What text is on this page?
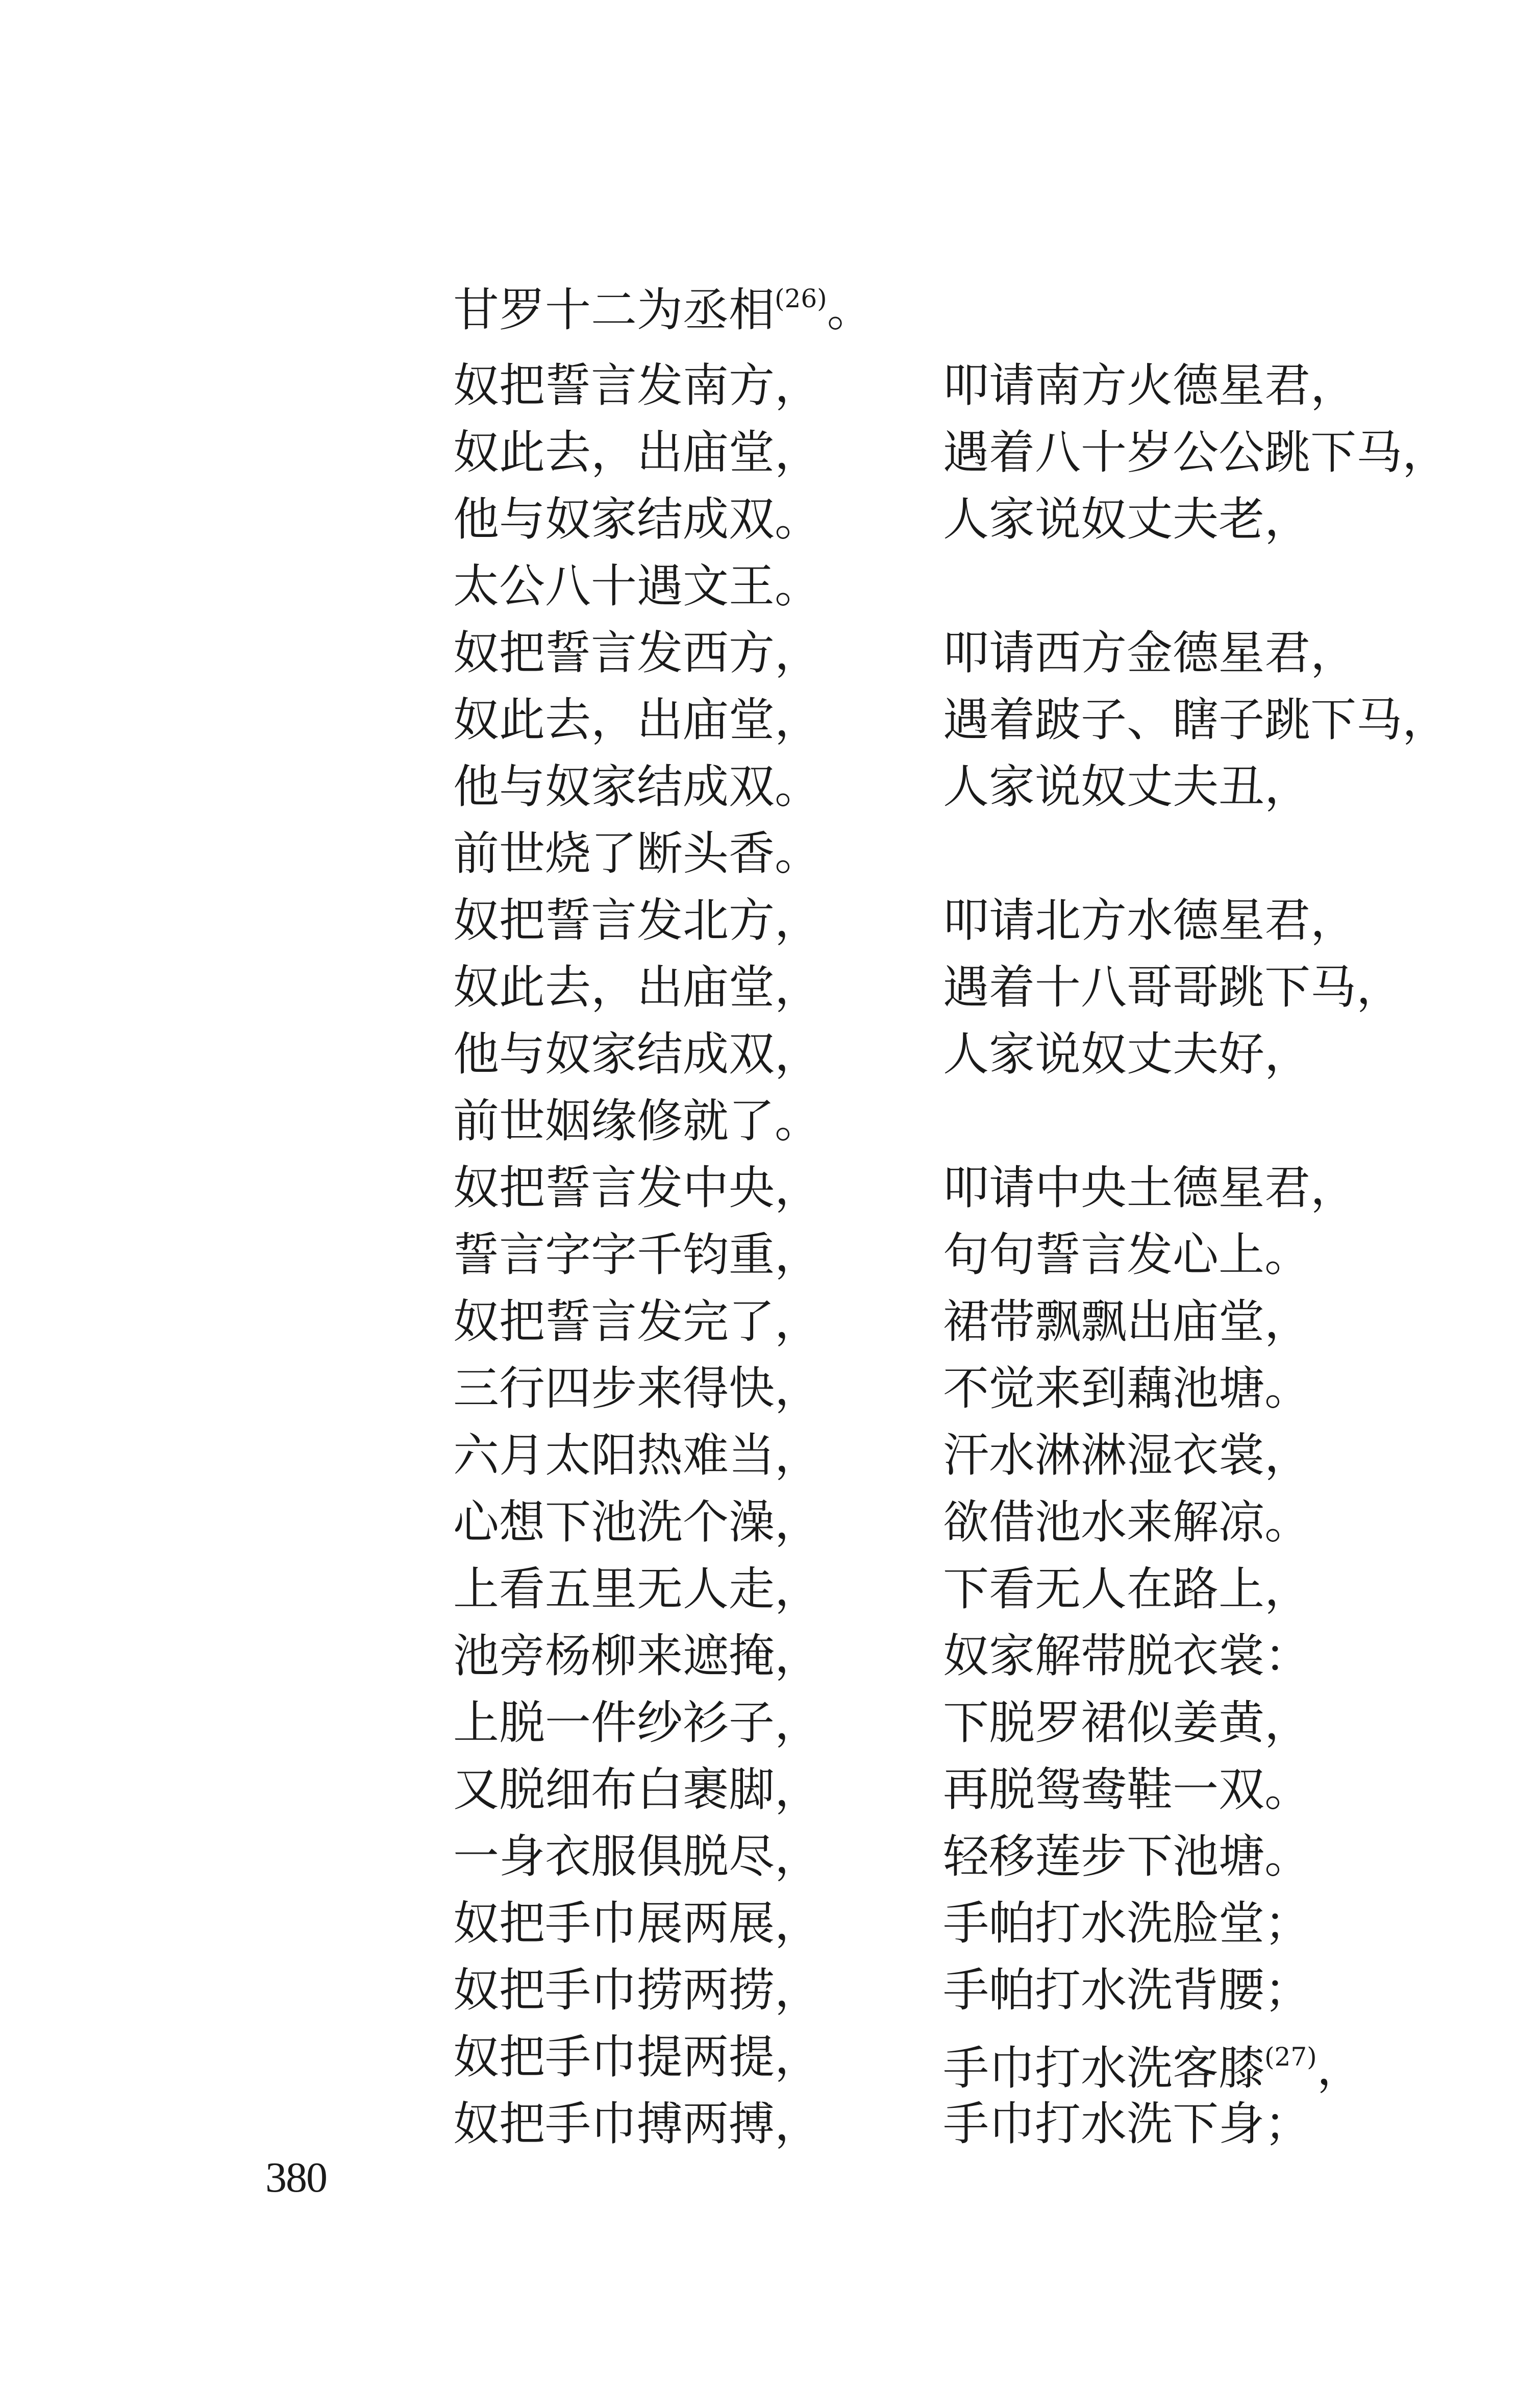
甘罗十二为丞相$^{(26)}$。
奴把誓言发南方，	叩请南方火德星君，
奴此去，出庙堂，	遇着八十岁公公跳下马，
他与奴家结成双。	人家说奴丈夫老，
太公八十遇文王。
奴把誓言发西方，	叩请西方金德星君，
奴此去，出庙堂，	遇着跛子、瞎子跳下马，
他与奴家结成双。	人家说奴丈夫丑，
前世烧了断头香。
奴把誓言发北方，	叩请北方水德星君，
奴此去，出庙堂，	遇着十八哥哥跳下马，
他与奴家结成双，	人家说奴丈夫好，
前世姻缘修就了。
奴把誓言发中央，	叩请中央土德星君，
誓言字字千钧重，	句句誓言发心上。
奴把誓言发完了，	裙带飘飘出庙堂，
三行四步来得快，	不觉来到藕池塘。
六月太阳热难当，	汗水淋淋湿衣裳，
心想下池洗个澡，	欲借池水来解凉。
上看五里无人走，	下看无人在路上，
池旁杨柳来遮掩，	奴家解带脱衣裳：
上脱一件纱衫子，	下脱罗裙似姜黄，
又脱细布白裹脚，	再脱鸳鸯鞋一双。
一身衣服俱脱尽，	轻移莲步下池塘。
奴把手巾展两展，	手帕打水洗脸堂；
奴把手巾捞两捞，	手帕打水洗背腰；
奴把手巾提两提，	手巾打水洗客膝$^{(27)}$，
奴把手巾搏两搏，	手巾打水洗下身；
380
